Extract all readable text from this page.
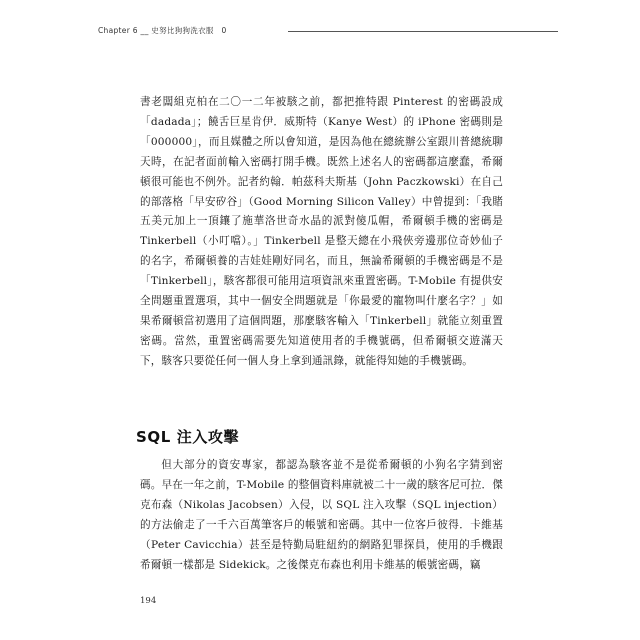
Chapter 6 __ 史努比狗狗洗衣服　0

書老闆組克柏在二〇一二年被駭之前，都把推特跟 Pinterest 的密碼設成「dadada」；饒舌巨星肯伊．威斯特（Kanye West）的 iPhone 密碼則是「000000」，而且媒體之所以會知道，是因為他在總統辦公室跟川普總統聊天時，在記者面前輸入密碼打開手機。既然上述名人的密碼都這麼蠢，希爾頓很可能也不例外。記者約翰．帕茲科夫斯基（John Paczkowski）在自己的部落格「早安矽谷」（Good Morning Silicon Valley）中曾提到：「我賭五美元加上一頂鑲了施華洛世奇水晶的派對傻瓜帽，希爾頓手機的密碼是 Tinkerbell（小叮噹）。」Tinkerbell 是整天總在小飛俠旁邊那位奇妙仙子的名字，希爾頓養的吉娃娃剛好同名，而且，無論希爾頓的手機密碼是不是「Tinkerbell」，駭客都很可能用這項資訊來重置密碼。T-Mobile 有提供安全問題重置選項，其中一個安全問題就是「你最愛的寵物叫什麼名字？」如果希爾頓當初選用了這個問題，那麼駭客輸入「Tinkerbell」就能立刻重置密碼。當然，重置密碼需要先知道使用者的手機號碼，但希爾頓交遊滿天下，駭客只要從任何一個人身上拿到通訊錄，就能得知她的手機號碼。

SQL 注入攻擊

但大部分的資安專家，都認為駭客並不是從希爾頓的小狗名字猜到密碼。早在一年之前，T-Mobile 的整個資料庫就被二十一歲的駭客尼可拉．傑克布森（Nikolas Jacobsen）入侵，以 SQL 注入攻擊（SQL injection）的方法偷走了一千六百萬筆客戶的帳號和密碼。其中一位客戶彼得．卡維基（Peter Cavicchia）甚至是特勤局駐紐約的網路犯罪探員，使用的手機跟希爾頓一樣都是 Sidekick。之後傑克布森也利用卡維基的帳號密碼，竊

194
